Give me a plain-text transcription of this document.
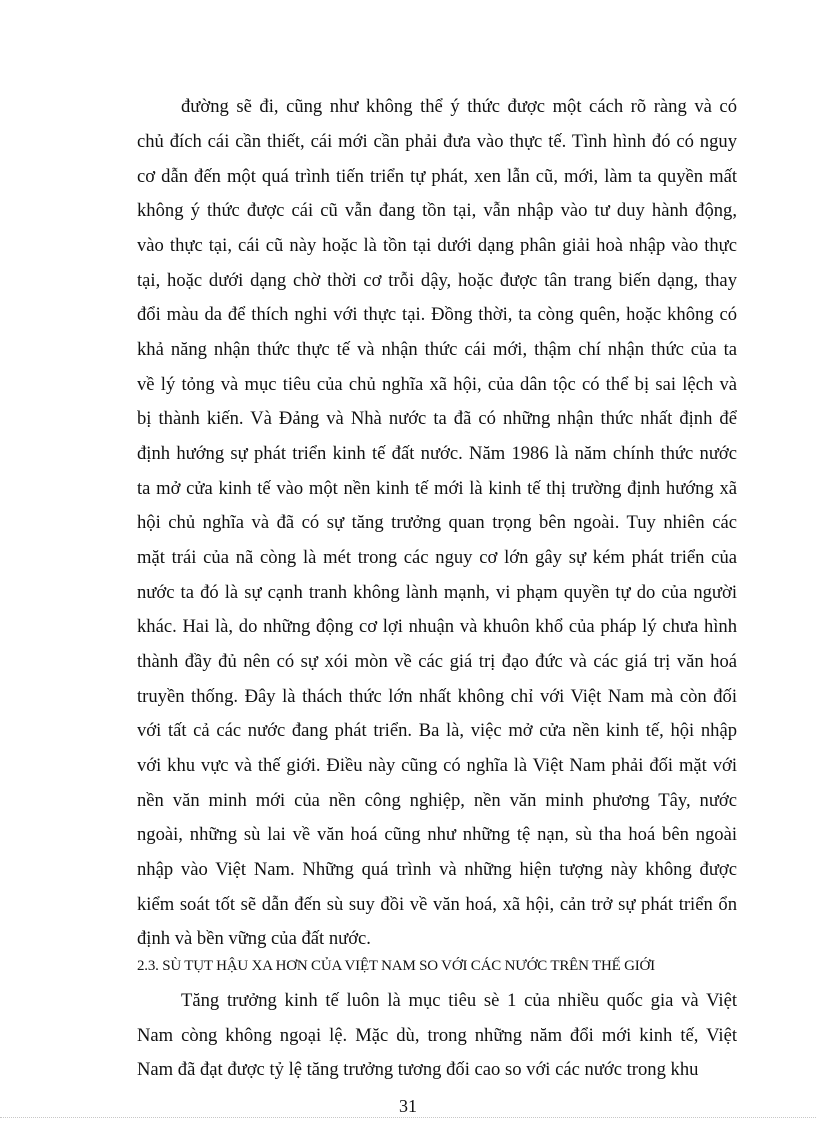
đường sẽ đi, cũng như không thể ý thức được một cách rõ ràng và có
chủ đích cái cần thiết, cái mới cần phải đưa vào thực tế. Tình hình đó có nguy
cơ dẫn đến một quá trình tiến triển tự phát, xen lẫn cũ, mới, làm ta quyền mất
không ý thức được cái cũ vẫn đang tồn tại, vẫn nhập vào tư duy hành động,
vào thực tại, cái cũ này hoặc là tồn tại dưới dạng phân giải hoà nhập vào thực
tại, hoặc dưới dạng chờ thời cơ trỗi dậy, hoặc được tân trang biến dạng, thay
đổi màu da để thích nghi với thực tại. Đồng thời, ta còng quên, hoặc không có
khả năng nhận thức thực tế và nhận thức cái mới, thậm chí nhận thức của ta
về lý tỏng và mục tiêu của chủ nghĩa xã hội, của dân tộc có thể bị sai lệch và
bị thành kiến. Và Đảng và Nhà nước ta đã có những nhận thức nhất định để
định hướng sự phát triển kinh tế đất nước. Năm 1986 là năm chính thức nước
ta mở cửa kinh tế vào một nền kinh tế mới là kinh tế thị trường định hướng xã
hội chủ nghĩa và đã có sự tăng trưởng quan trọng bên ngoài. Tuy nhiên các
mặt trái của nã còng là mét trong các nguy cơ lớn gây sự kém phát triển của
nước ta đó là sự cạnh tranh không lành mạnh, vi phạm quyền tự do của người
khác. Hai là, do những động cơ lợi nhuận và khuôn khổ của pháp lý chưa hình
thành đầy đủ nên có sự xói mòn về các giá trị đạo đức và các giá trị văn hoá
truyền thống. Đây là thách thức lớn nhất không chỉ với Việt Nam mà còn đối
với tất cả các nước đang phát triển. Ba là, việc mở cửa nền kinh tế, hội nhập
với khu vực và thế giới. Điều này cũng có nghĩa là Việt Nam phải đối mặt với
nền văn minh mới của nền công nghiệp, nền văn minh phương Tây, nước
ngoài, những sù lai về văn hoá cũng như những tệ nạn, sù tha hoá bên ngoài
nhập vào Việt Nam. Những quá trình và những hiện tượng này không được
kiểm soát tốt sẽ dẫn đến sù suy đồi về văn hoá, xã hội, cản trở sự phát triển ổn
định và bền vững của đất nước.
2.3. SÙ TỤT HẬU XA HƠN CỦA VIỆT NAM SO VỚI CÁC NƯỚC TRÊN THẾ GIỚI
Tăng trưởng kinh tế luôn là mục tiêu sè 1 của nhiều quốc gia và Việt
Nam còng không ngoại lệ. Mặc dù, trong những năm đổi mới kinh tế, Việt
Nam đã đạt được tỷ lệ tăng trưởng tương đối cao so với các nước trong khu
31
